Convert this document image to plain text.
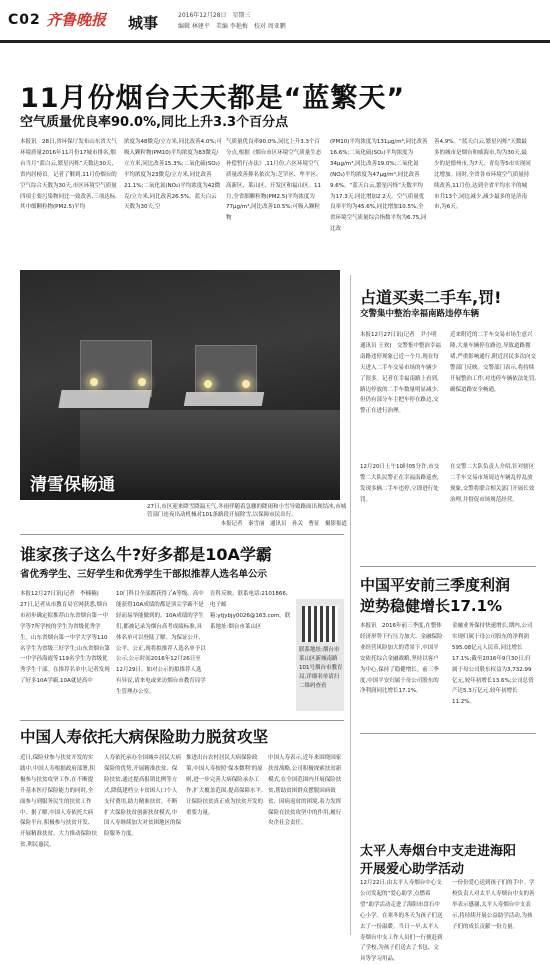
C02 齐鲁晚报 城事	2016年12月28日　星期三
编辑 林建平　美编 李艳梅　校对 周亚鹏
11月份烟台天天都是“蓝繁天”
空气质量优良率90.0%,同比上升3.3个百分点
本报讯　28日,省环保厅发布山东省大气环境质量2016年11月份17城市排名,烟台当月“蓝白云,繁星闪烁”天数达30天,省内居榜首。记者了解到,11月份烟台的空气综合天数为30天,市区环境空气质量四项主要污染物同比一致改善,三项达标,其中细颗粒物(PM2.5)平均
浓度为48微克/立方米,同比改善4.0%;可吸入颗粒物(PM10)平均浓度为83微克/立方米,同比改善15.3%;二氧化硫(SO₂)平均浓度为23微克/立方米,同比改善21.1%;二氧化氮(NO₂)平均浓度为42微克/立方米,同比改善26.5%。蓝天白云天数为30天,空
气质量优良率90.0%,同比上升3.3个百分点,根据《烟台市区环境空气质量生态补偿暂行办法》,11月份,六区环境空气质量改善排名依次为:芝罘区、牟平区、高新区、莱山区、开发区和福山区。11月,全省细颗粒物(PM2.5)平均浓度为77μg/m³,同比改善10.5%;可吸入颗粒物
(PM10)平均浓度为131μg/m³,同比改善16.6%;二氧化硫(SO₂)平均浓度为34μg/m³,同比改善19.0%;二氧化氮(NO₂)平均浓度为47μg/m³,同比改善9.6%。“蓝天白云,繁星闪烁”天数平均为17.3天,同比增加2.2天。空气质量优良率平均为45.6%,同比增加10.5%,全省环境空气质量综合指数平均为6.75,同比改
善4.9%。“蓝天白云,繁星闪烁”天数最多的城市是烟台和威海市,均为30天,最少的是德州市,为7天。青岛等5市实现同比增加。同时,全省各市环境空气质量持续改善,11月份,达到全省平均水平的城市共13个,同比减少,减少最多的是济南市,为6天。
清雪保畅通
27日,市区迎来降雪降温天气,冬雨伴随着急骤的降雨和小雪导致路面出现结冰,市城管部门连夜出动机械对101条路段开展除雪,以保障市民出行。
本报记者　秦雪丽　通讯员　孙关　曹征　摄影报道
谁家孩子这么牛?好多都是10A学霸
省优秀学生、三好学生和优秀学生干部拟推荐人选名单公示
本报12月27日讯(记者　李楠楠)　27日,记者从市教育局官网获悉,烟台市初步确定拟推荐山东省烟台第一中学等7所学校的学生为省级优秀学生。山东省烟台第一中学大学等110名学生为省级三好学生;山东省烟台第一中学孙海霞等119名学生为省级优秀学生干部。在推荐名单中,记者发现了好多10A学霸,10A就是高中
10门科目全部都获得了A等级。高中能获得10A成绩的都是顶尖学霸不是轻而易举能做到的。10A成绩的学生们,都被记录为烟台高考成绩标准,具体名单可以登陆了解。为保证公开、公平、公正,现将拟推荐人选名单予以公示,公示时间2016年12月26日至12月29日。如对公示的拟推荐人选有异议,请来电或来访烟台市教育局学生管理办公室。
育科反映。联系电话:2101866,电子邮箱:ytjybjy0026@163.com。联系地址:烟台市莱山区
联系地址:烟台市莱山区新城南路101号烟台市教育局,详细名单请扫二维码查看
中国人寿依托大病保险助力脱贫攻坚
近日,保险业参与扶贫开发的实践中,中国人寿根据政府部署,积极参与扶贫攻坚工作,在不断提升基本医疗保险能力的同时,全面参与到服务民生的扶贫工作中。据了解,中国人寿依托大病保险平台,积极参与扶贫开发、开展精准扶贫。大力推动保险扶贫,利民惠民。
人寿依托承办全国城乡居民大病保险的优势,开展精准扶贫、保险扶贫,通过提高报销比例等方式,降低建档立卡贫困人口个人支付费用,助力精准扶贫。不断扩大保险扶贫创新扶贫模式,中国人寿继续加大对贫困地区的保险服务力度。
推进出台农村居民大病保险政策,中国人寿按照‘保本微利’的原则,进一步完善大病保险承办工作,扩大覆盖范围,提高保障水平,让保险扶贫真正成为扶贫开发的重要力量。
中国人寿表示,近年来围绕国家扶贫战略,公司积极探索扶贫新模式,在全国范围内开展保险扶贫,帮助贫困群众摆脱因病致贫、因病返贫的困境,着力发挥保险在扶贫攻坚中的作用,履行央企社会责任。
占道买卖二手车,罚!
交警集中整治幸福南路违停车辆
本报12月27日讯(记者　尹小明 通讯员 王欢)　交警集中整治幸福南路违停现象已近一个月,现在每天进入二手车交易市场的车辆少了很多。记者在幸福南路上看到,路边停放的二手车数量明显减少,但仍有部分车主把车停在路边,交警正在进行治理。
近来附近的二手车交易市场生意兴隆,大量车辆停在路边,导致道路拥堵,严重影响通行,附近居民多次向交警部门反映。交警部门表示,将持续开展整治工作,对违停车辆依法处罚,确保道路安全畅通。
12月20日上午10时05分许,市交警二大队民警正在幸福南路巡查,发现多辆二手车违停,立即进行处罚。
在交警二大队负责人介绍,针对辖区二手车交易市场周边车辆乱停乱放现象,交警将联合相关部门开展长效治理,并督促市场规范经营。
中国平安前三季度利润
逆势稳健增长17.1%
本报讯　2016年前三季度,在整体经济形势下行压力加大、金融保险业经营风险加大的背景下,中国平安依托综合金融战略,坚持以客户为中心,保持了稳健增长。前三季度,中国平安归属于母公司股东的净利润同比增长17.1%。
金融业务保持快速增长,期内,公司实现归属于母公司股东的净利润595.08亿元人民币,同比增长17.1%;截至2016年9月30日,归属于母公司股东权益为3,732.99亿元,较年初增长13.6%;公司总资产达5.3万亿元,较年初增长11.2%。
太平人寿烟台中支走进海阳
开展爱心助学活动
12月22日,由太平人寿烟台中心支公司发起的“爱心助学,点燃希望”助学活动走进了海阳市盘石中心小学。在寒冬的冬天为孩子们送去了一份温暖。当日一早,太平人寿烟台中支工作人员们一行便赶到了学校,为孩子们送去了书包、文具等学习用品。
一份份爱心送到孩子们的手中。学校负责人对太平人寿烟台中支的善举表示感谢,太平人寿烟台中支表示,将持续开展公益助学活动,为孩子们的成长贡献一份力量。
